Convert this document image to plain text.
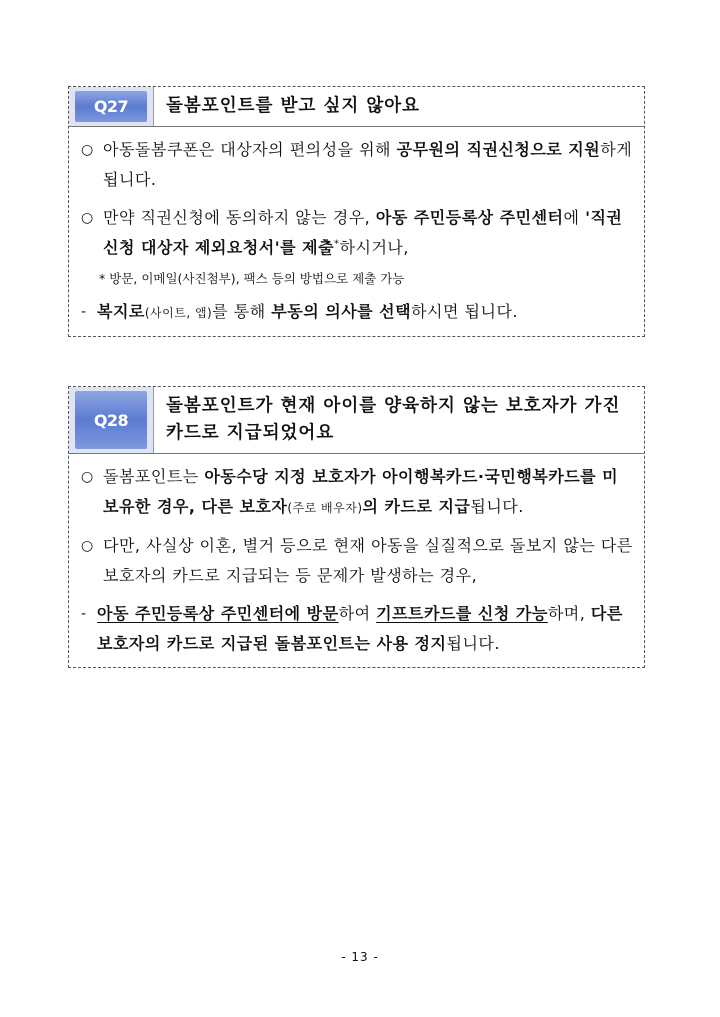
Q27	돌봄포인트를 받고 싶지 않아요
○ 아동돌봄쿠폰은 대상자의 편의성을 위해 공무원의 직권신청으로 지원하게 됩니다.
○ 만약 직권신청에 동의하지 않는 경우, 아동 주민등록상 주민센터에 '직권신청 대상자 제외요청서'를 제출*하시거나,
* 방문, 이메일(사진첨부), 팩스 등의 방법으로 제출 가능
- 복지로(사이트, 앱)를 통해 부동의 의사를 선택하시면 됩니다.
Q28
돌봄포인트가 현재 아이를 양육하지 않는 보호자가 가진 카드로 지급되었어요
○ 돌봄포인트는 아동수당 지정 보호자가 아이행복카드·국민행복카드를 미보유한 경우, 다른 보호자(주로 배우자)의 카드로 지급됩니다.
○ 다만, 사실상 이혼, 별거 등으로 현재 아동을 실질적으로 돌보지 않는 다른 보호자의 카드로 지급되는 등 문제가 발생하는 경우,
- 아동 주민등록상 주민센터에 방문하여 기프트카드를 신청 가능하며, 다른 보호자의 카드로 지급된 돌봄포인트는 사용 정지됩니다.
- 13 -
